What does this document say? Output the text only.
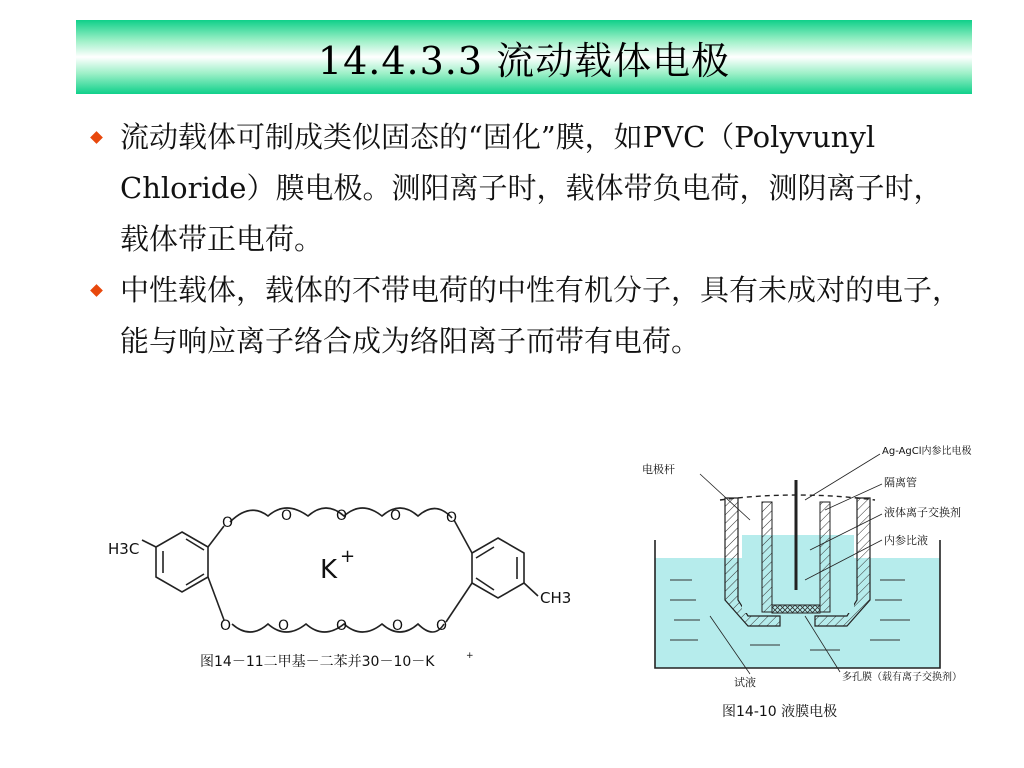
14.4.3.3 流动载体电极
流动载体可制成类似固态的“固化”膜，如PVC（Polyvunyl Chloride）膜电极。测阳离子时，载体带负电荷，测阴离子时，载体带正电荷。
中性载体，载体的不带电荷的中性有机分子，具有未成对的电子，能与响应离子络合成为络阳离子而带有电荷。
O	O	O	O	O
O	O	O	O O
H3C
CH3
K +
图14－11二甲基－二苯并30－10－K	+
电极杆
Ag-AgCl内参比电极
隔离管
液体离子交换剂
内参比液
试液	多孔膜（载有离子交换剂）
图14-10 液膜电极
